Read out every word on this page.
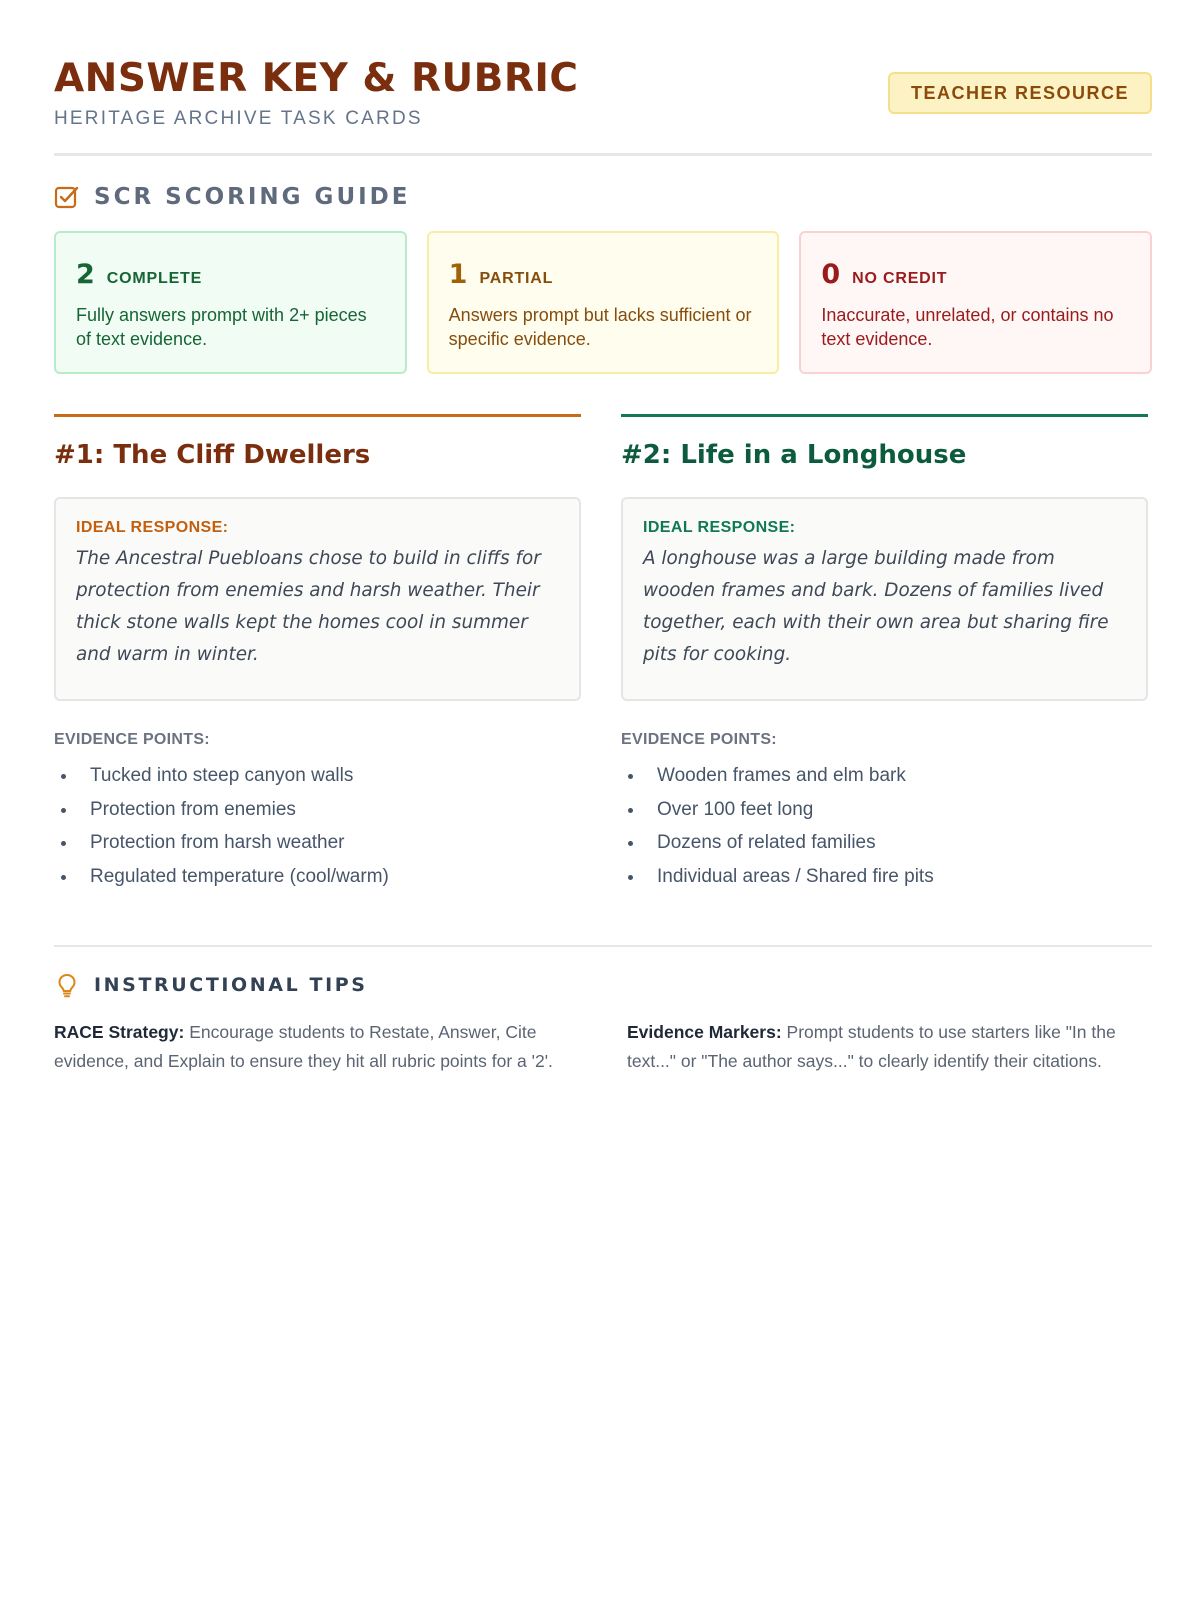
ANSWER KEY & RUBRIC
HERITAGE ARCHIVE TASK CARDS
TEACHER RESOURCE
SCR SCORING GUIDE
2 COMPLETE
Fully answers prompt with 2+ pieces of text evidence.
1 PARTIAL
Answers prompt but lacks sufficient or specific evidence.
0 NO CREDIT
Inaccurate, unrelated, or contains no text evidence.
#1: The Cliff Dwellers
IDEAL RESPONSE:
The Ancestral Puebloans chose to build in cliffs for protection from enemies and harsh weather. Their thick stone walls kept the homes cool in summer and warm in winter.
EVIDENCE POINTS:
Tucked into steep canyon walls
Protection from enemies
Protection from harsh weather
Regulated temperature (cool/warm)
#2: Life in a Longhouse
IDEAL RESPONSE:
A longhouse was a large building made from wooden frames and bark. Dozens of families lived together, each with their own area but sharing fire pits for cooking.
EVIDENCE POINTS:
Wooden frames and elm bark
Over 100 feet long
Dozens of related families
Individual areas / Shared fire pits
INSTRUCTIONAL TIPS
RACE Strategy: Encourage students to Restate, Answer, Cite evidence, and Explain to ensure they hit all rubric points for a '2'.
Evidence Markers: Prompt students to use starters like "In the text..." or "The author says..." to clearly identify their citations.
